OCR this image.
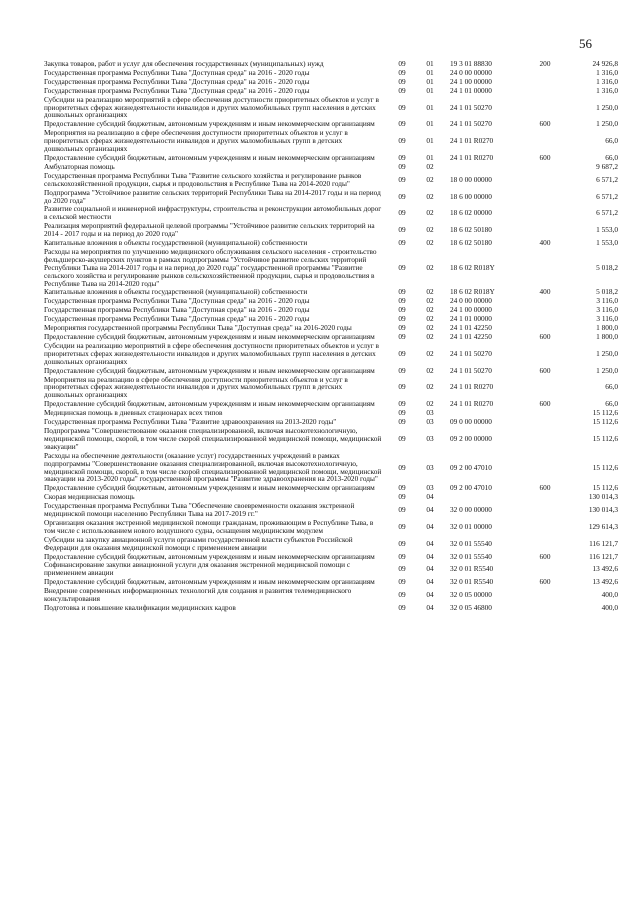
56
Закупка товаров, работ и услуг для обеспечения государственных (муниципальных) нужд	09	01	19 3 01 88830	200	24 926,8
Государственная программа Республики Тыва "Доступная среда" на 2016 - 2020 годы	09	01	24 0 00 00000		1 316,0
Государственная программа Республики Тыва "Доступная среда" на 2016 - 2020 годы	09	01	24 1 00 00000		1 316,0
Государственная программа Республики Тыва "Доступная среда" на 2016 - 2020 годы	09	01	24 1 01 00000		1 316,0
Субсидии на реализацию мероприятий в сфере обеспечения доступности приоритетных объектов и услуг в приоритетных сферах жизнедеятельности инвалидов и других маломобильных групп населения в детских дошкольных организациях	09	01	24 1 01 50270		1 250,0
Предоставление субсидий бюджетным, автономным учреждениям и иным некоммерческим организациям	09	01	24 1 01 50270	600	1 250,0
Мероприятия на реализацию в сфере обеспечения доступности приоритетных объектов и услуг в приоритетных сферах жизнедеятельности инвалидов и других маломобильных групп в детских дошкольных организациях	09	01	24 1 01 R0270		66,0
Предоставление субсидий бюджетным, автономным учреждениям и иным некоммерческим организациям	09	01	24 1 01 R0270	600	66,0
Амбулаторная помощь	09	02			9 687,2
Государственная программа Республики Тыва "Развитие сельского хозяйства и регулирование рынков сельскохозяйственной продукции, сырья и продовольствия в Республике Тыва на 2014-2020 годы"	09	02	18 0 00 00000		6 571,2
Подпрограмма "Устойчивое развитие сельских территорий Республики Тыва на 2014-2017 годы и на период до 2020 года"	09	02	18 6 00 00000		6 571,2
Развитие социальной и инженерной инфраструктуры, строительства и реконструкции автомобильных дорог в сельской местности	09	02	18 6 02 00000		6 571,2
Реализация мероприятий федеральной целевой программы "Устойчивое развитие сельских территорий на 2014 - 2017 годы и на период до 2020 года"	09	02	18 6 02 50180		1 553,0
Капитальные вложения в объекты государственной (муниципальной) собственности	09	02	18 6 02 50180	400	1 553,0
Расходы на мероприятия по улучшению медицинского обслуживания сельского населения - строительство фельдшерско-акушерских пунктов в рамках подпрограммы "Устойчивое развитие сельских территорий Республики Тыва на 2014-2017 годы и на период до 2020 года" государственной программы "Развитие сельского хозяйства и регулирование рынков сельскохозяйственной продукции, сырья и продовольствия в Республике Тыва на 2014-2020 годы"	09	02	18 6 02 R018Y		5 018,2
Капитальные вложения в объекты государственной (муниципальной) собственности	09	02	18 6 02 R018Y	400	5 018,2
Государственная программа Республики Тыва "Доступная среда" на 2016 - 2020 годы	09	02	24 0 00 00000		3 116,0
Государственная программа Республики Тыва "Доступная среда" на 2016 - 2020 годы	09	02	24 1 00 00000		3 116,0
Государственная программа Республики Тыва "Доступная среда" на 2016 - 2020 годы	09	02	24 1 01 00000		3 116,0
Мероприятия государственной программы Республики Тыва "Доступная среда" на 2016-2020 годы	09	02	24 1 01 42250		1 800,0
Предоставление субсидий бюджетным, автономным учреждениям и иным некоммерческим организациям	09	02	24 1 01 42250	600	1 800,0
Субсидии на реализацию мероприятий в сфере обеспечения доступности приоритетных объектов и услуг в приоритетных сферах жизнедеятельности инвалидов и других маломобильных групп населения в детских дошкольных организациях	09	02	24 1 01 50270		1 250,0
Предоставление субсидий бюджетным, автономным учреждениям и иным некоммерческим организациям	09	02	24 1 01 50270	600	1 250,0
Мероприятия на реализацию в сфере обеспечения доступности приоритетных объектов и услуг в приоритетных сферах жизнедеятельности инвалидов и других маломобильных групп в детских дошкольных организациях	09	02	24 1 01 R0270		66,0
Предоставление субсидий бюджетным, автономным учреждениям и иным некоммерческим организациям	09	02	24 1 01 R0270	600	66,0
Медицинская помощь в дневных стационарах всех типов	09	03			15 112,6
Государственная программа Республики Тыва "Развитие здравоохранения на 2013-2020 годы"	09	03	09 0 00 00000		15 112,6
Подпрограмма "Совершенствование оказания специализированной, включая высокотехнологичную, медицинской помощи, скорой, в том числе скорой специализированной медицинской помощи, медицинской эвакуации"	09	03	09 2 00 00000		15 112,6
Расходы на обеспечение деятельности (оказание услуг) государственных учреждений в рамках подпрограммы "Совершенствование оказания специализированной, включая высокотехнологичную, медицинской помощи, скорой, в том числе скорой специализированной медицинской помощи, медицинской эвакуации на 2013-2020 годы" государственной программы "Развитие здравоохранения на 2013-2020 годы"	09	03	09 2 00 47010		15 112,6
Предоставление субсидий бюджетным, автономным учреждениям и иным некоммерческим организациям	09	03	09 2 00 47010	600	15 112,6
Скорая медицинская помощь	09	04			130 014,3
Государственная программа Республики Тыва "Обеспечение своевременности оказания экстренной медицинской помощи населению Республики Тыва на 2017-2019 гг."	09	04	32 0 00 00000		130 014,3
Организация оказания экстренной медицинской помощи гражданам, проживающим в Республике Тыва, в том числе с использованием нового воздушного судна, оснащения медицинским модулем	09	04	32 0 01 00000		129 614,3
Субсидии на закупку авиационной услуги органами государственной власти субъектов Российской Федерации для оказания медицинской помощи с применением авиации	09	04	32 0 01 55540		116 121,7
Предоставление субсидий бюджетным, автономным учреждениям и иным некоммерческим организациям	09	04	32 0 01 55540	600	116 121,7
Софинансирование закупки авиационной услуги для оказания экстренной медицинской помощи с применением авиации	09	04	32 0 01 R5540		13 492,6
Предоставление субсидий бюджетным, автономным учреждениям и иным некоммерческим организациям	09	04	32 0 01 R5540	600	13 492,6
Внедрение современных информационных технологий для создания и развития телемедицинского консультирования	09	04	32 0 05 00000		400,0
Подготовка и повышение квалификации медицинских кадров	09	04	32 0 05 46800		400,0
